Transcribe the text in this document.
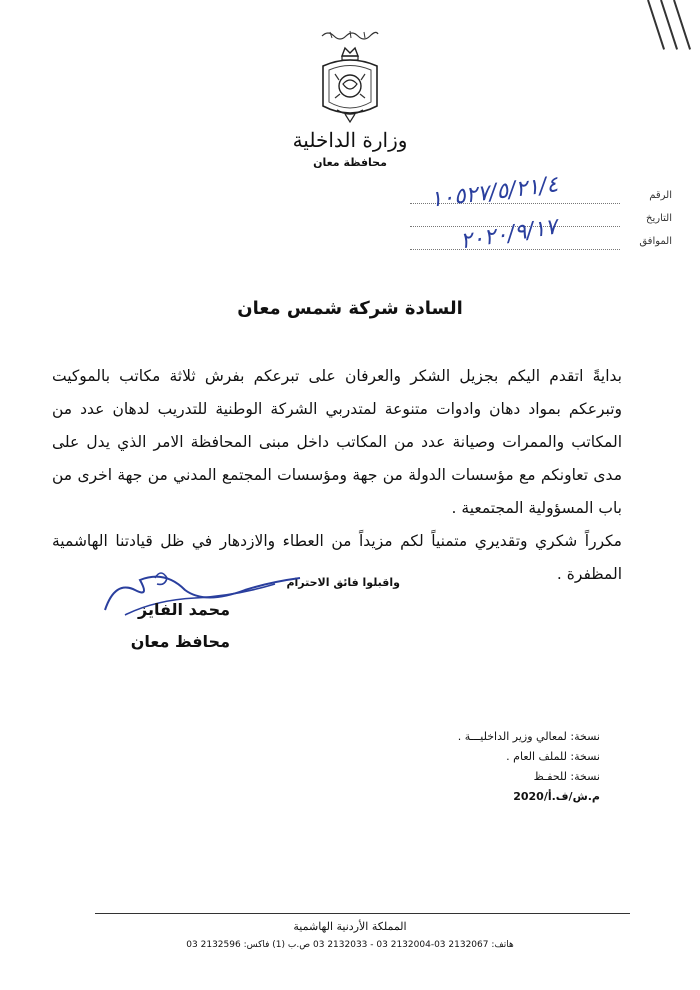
وزارة الداخلية
محافظة معان
الرقم
١٠٥٢٧/٥/٢١/٤
التاريخ
الموافق
٢٠٢٠/٩/١٧
السادة شركة شمس معان

بدايةً اتقدم اليكم بجزيل الشكر والعرفان على تبرعكم بفرش ثلاثة مكاتب بالموكيت وتبرعكم بمواد دهان وادوات متنوعة لمتدربي الشركة الوطنية للتدريب لدهان عدد من المكاتب والممرات وصيانة عدد من المكاتب داخل مبنى المحافظة الامر الذي يدل على مدى تعاونكم مع مؤسسات الدولة من جهة ومؤسسات المجتمع المدني من جهة اخرى من باب المسؤولية المجتمعية .

مكرراً شكري وتقديري متمنياً لكم مزيداً من العطاء والازدهار في ظل قيادتنا الهاشمية المظفرة .

واقبلوا فائق الاحترام
محمد الفايز
محافظ معان
نسخة: لمعالي وزير الداخليـــة .
نسخة: للملف العام .
نسخة: للحفـظ
م.ش/ف.أ/2020
المملكة الأردنية الهاشمية
هاتف: 2132067 03-2132004 03 - 2132033 03 ص.ب (1) فاكس: 2132596 03
